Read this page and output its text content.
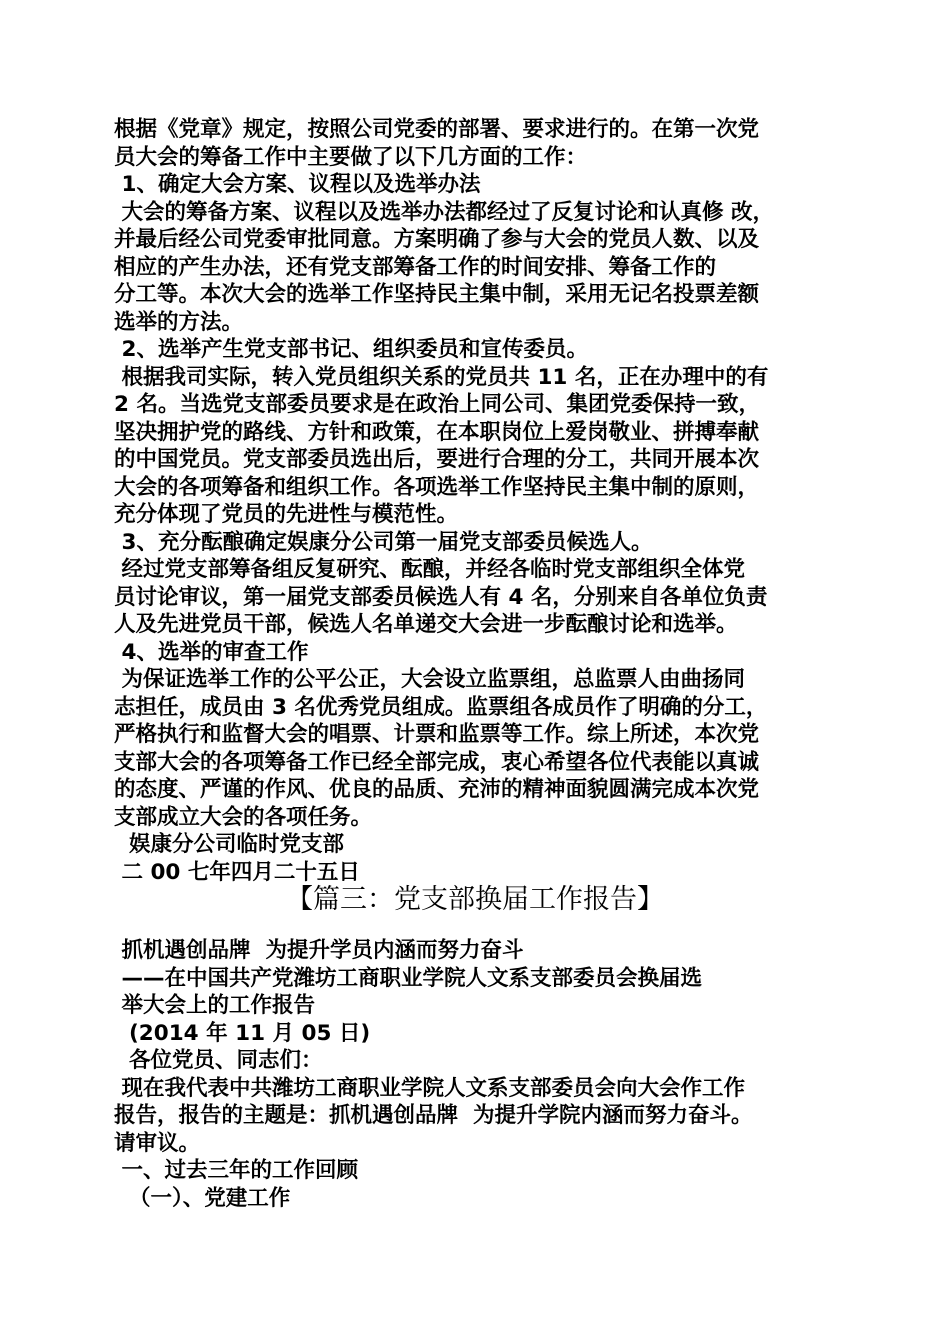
根据《党章》规定，按照公司党委的部署、要求进行的。在第一次党

员大会的筹备工作中主要做了以下几方面的工作：

1、确定大会方案、议程以及选举办法

大会的筹备方案、议程以及选举办法都经过了反复讨论和认真修 改，

并最后经公司党委审批同意。方案明确了参与大会的党员人数、以及

相应的产生办法，还有党支部筹备工作的时间安排、筹备工作的

分工等。本次大会的选举工作坚持民主集中制，采用无记名投票差额

选举的方法。

2、选举产生党支部书记、组织委员和宣传委员。

根据我司实际，转入党员组织关系的党员共 11 名，正在办理中的有

2 名。当选党支部委员要求是在政治上同公司、集团党委保持一致，

坚决拥护党的路线、方针和政策，在本职岗位上爱岗敬业、拼搏奉献

的中国党员。党支部委员选出后，要进行合理的分工，共同开展本次

大会的各项筹备和组织工作。各项选举工作坚持民主集中制的原则，

充分体现了党员的先进性与模范性。

3、充分酝酿确定娱康分公司第一届党支部委员候选人。

经过党支部筹备组反复研究、酝酿，并经各临时党支部组织全体党

员讨论审议，第一届党支部委员候选人有 4 名，分别来自各单位负责

人及先进党员干部，候选人名单递交大会进一步酝酿讨论和选举。

4、选举的审查工作

为保证选举工作的公平公正，大会设立监票组，总监票人由曲扬同

志担任，成员由 3 名优秀党员组成。监票组各成员作了明确的分工，

严格执行和监督大会的唱票、计票和监票等工作。综上所述，本次党

支部大会的各项筹备工作已经全部完成，衷心希望各位代表能以真诚

的态度、严谨的作风、优良的品质、充沛的精神面貌圆满完成本次党

支部成立大会的各项任务。

娱康分公司临时党支部

二 00 七年四月二十五日

【篇三：党支部换届工作报告】

抓机遇创品牌  为提升学员内涵而努力奋斗

——在中国共产党潍坊工商职业学院人文系支部委员会换届选

举大会上的工作报告

(2014 年 11 月 05 日)

各位党员、同志们：

现在我代表中共潍坊工商职业学院人文系支部委员会向大会作工作

报告，报告的主题是：抓机遇创品牌  为提升学院内涵而努力奋斗。

请审议。

一、过去三年的工作回顾

（一）、党建工作
